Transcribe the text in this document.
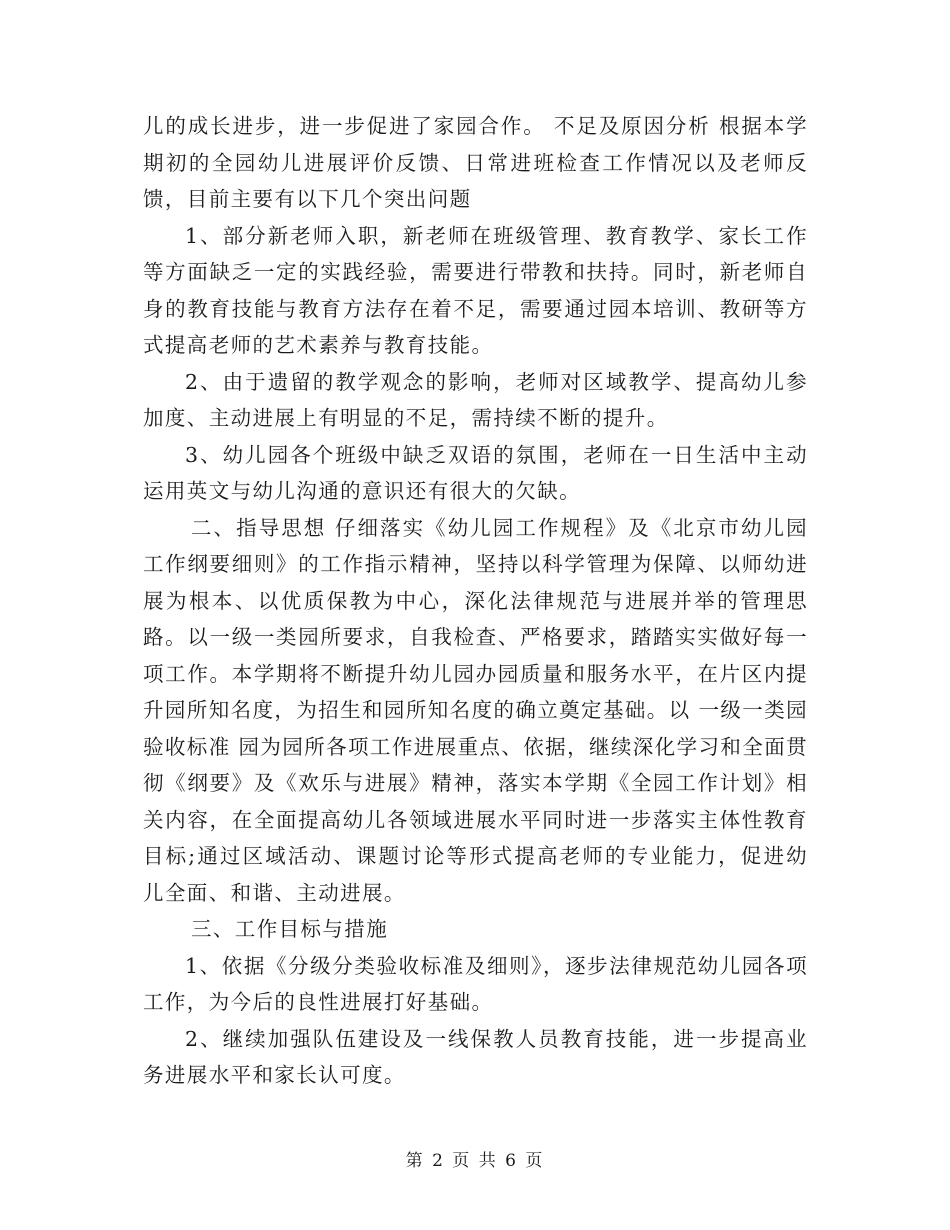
儿的成长进步，进一步促进了家园合作。 不足及原因分析 根据本学期初的全园幼儿进展评价反馈、日常进班检查工作情况以及老师反馈，目前主要有以下几个突出问题

1、部分新老师入职，新老师在班级管理、教育教学、家长工作等方面缺乏一定的实践经验，需要进行带教和扶持。同时，新老师自身的教育技能与教育方法存在着不足，需要通过园本培训、教研等方式提高老师的艺术素养与教育技能。

2、由于遗留的教学观念的影响，老师对区域教学、提高幼儿参加度、主动进展上有明显的不足，需持续不断的提升。

3、幼儿园各个班级中缺乏双语的氛围，老师在一日生活中主动运用英文与幼儿沟通的意识还有很大的欠缺。

二、指导思想 仔细落实《幼儿园工作规程》及《北京市幼儿园工作纲要细则》的工作指示精神，坚持以科学管理为保障、以师幼进展为根本、以优质保教为中心，深化法律规范与进展并举的管理思路。以一级一类园所要求，自我检查、严格要求，踏踏实实做好每一项工作。本学期将不断提升幼儿园办园质量和服务水平，在片区内提升园所知名度，为招生和园所知名度的确立奠定基础。以 一级一类园验收标准 园为园所各项工作进展重点、依据，继续深化学习和全面贯彻《纲要》及《欢乐与进展》精神，落实本学期《全园工作计划》相关内容，在全面提高幼儿各领域进展水平同时进一步落实主体性教育目标;通过区域活动、课题讨论等形式提高老师的专业能力，促进幼儿全面、和谐、主动进展。

三、工作目标与措施

1、依据《分级分类验收标准及细则》，逐步法律规范幼儿园各项工作，为今后的良性进展打好基础。

2、继续加强队伍建设及一线保教人员教育技能，进一步提高业务进展水平和家长认可度。

第 2 页 共 6 页
